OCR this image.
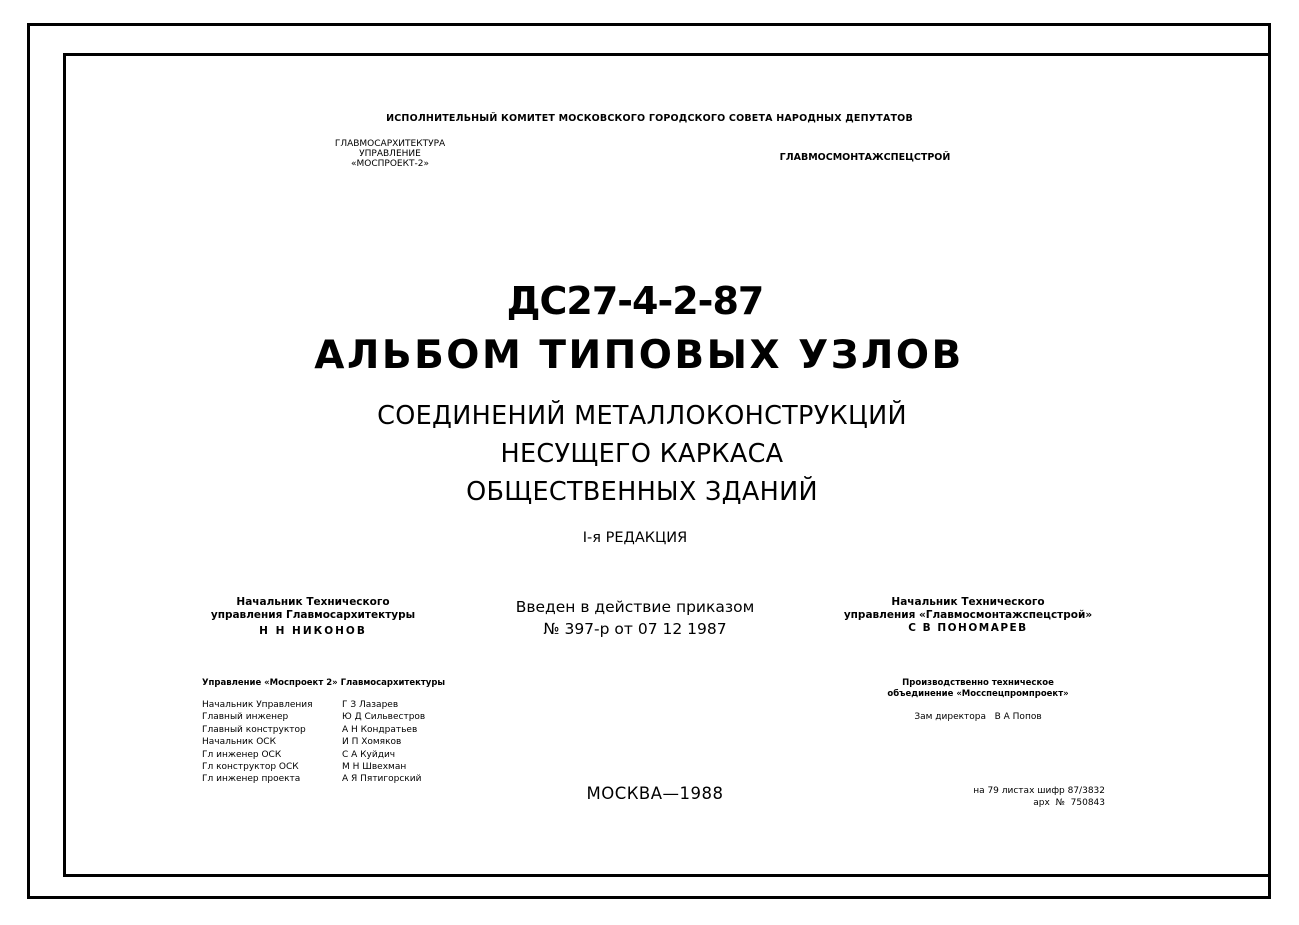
ИСПОЛНИТЕЛЬНЫЙ КОМИТЕТ МОСКОВСКОГО ГОРОДСКОГО СОВЕТА НАРОДНЫХ ДЕПУТАТОВ
ГЛАВМОСАРХИТЕКТУРА
УПРАВЛЕНИЕ
«МОСПРОЕКТ-2»
ГЛАВМОСМОНТАЖСПЕЦСТРОЙ
ДС27-4-2-87
АЛЬБОМ ТИПОВЫХ УЗЛОВ
СОЕДИНЕНИЙ МЕТАЛЛОКОНСТРУКЦИЙ
НЕСУЩЕГО КАРКАСА
ОБЩЕСТВЕННЫХ ЗДАНИЙ
I-я РЕДАКЦИЯ
Начальник Технического
управления Главмосархитектуры
Н Н НИКОНОВ
Введен в действие приказом
№ 397-р от 07 12 1987
Начальник Технического
управления «Главмосмонтажспецстрой»
С В ПОНОМАРЕВ
Управление «Моспроект 2» Главмосархитектуры
Начальник Управления	Г З Лазарев
Главный инженер	Ю Д Сильвестров
Главный конструктор	А Н Кондратьев
Начальник ОСК	И П Хомяков
Гл инженер ОСК	С А Куйдич
Гл конструктор ОСК	М Н Швехман
Гл инженер проекта	А Я Пятигорский
Производственно техническое
объединение «Мосспецпромпроект»
Зам директора   В А Попов
МОСКВА—1988	на 79 листах шифр 87/3832
арх  №  750843
